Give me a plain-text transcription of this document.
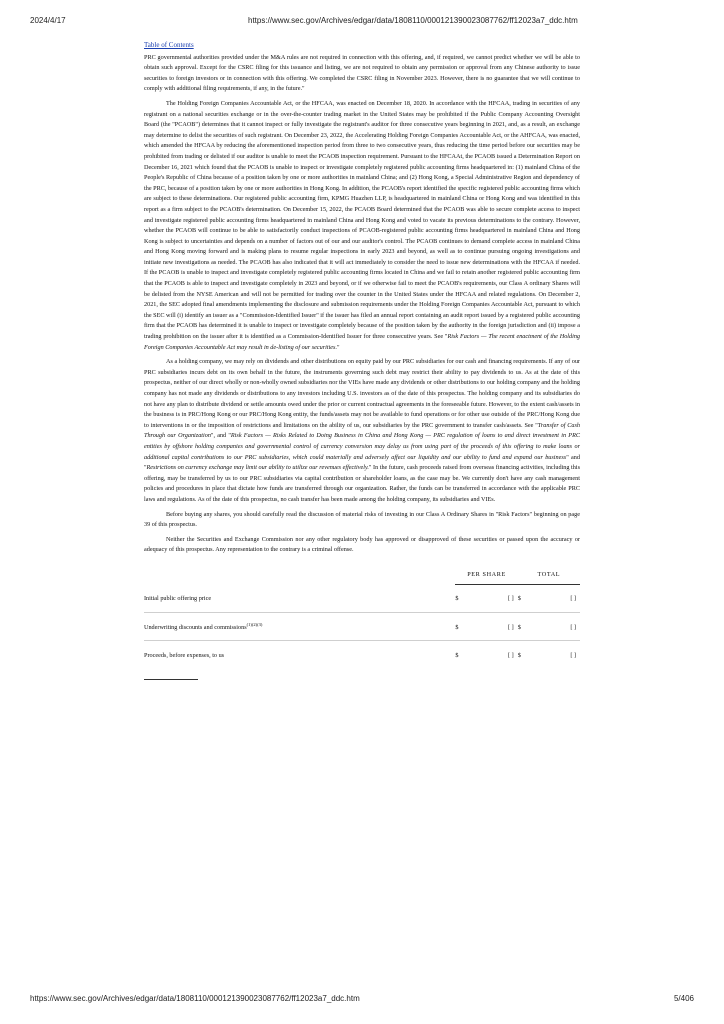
2024/4/17	https://www.sec.gov/Archives/edgar/data/1808110/000121390023087762/ff12023a7_ddc.htm
Table of Contents

PRC governmental authorities provided under the M&A rules are not required in connection with this offering, and, if required, we cannot predict whether we will be able to obtain such approval. Except for the CSRC filing for this issuance and listing, we are not required to obtain any permission or approval from any Chinese authority to issue securities to foreign investors or in connection with this offering. We completed the CSRC filing in November 2023. However, there is no guarantee that we will continue to comply with additional filing requirements, if any, in the future."

The Holding Foreign Companies Accountable Act, or the HFCAA, was enacted on December 18, 2020. In accordance with the HFCAA, trading in securities of any registrant on a national securities exchange or in the over-the-counter trading market in the United States may be prohibited if the Public Company Accounting Oversight Board (the "PCAOB") determines that it cannot inspect or fully investigate the registrant's auditor for three consecutive years beginning in 2021, and, as a result, an exchange may determine to delist the securities of such registrant. On December 23, 2022, the Accelerating Holding Foreign Companies Accountable Act, or the AHFCAA, was enacted, which amended the HFCAA by reducing the aforementioned inspection period from three to two consecutive years, thus reducing the time period before our securities may be prohibited from trading or delisted if our auditor is unable to meet the PCAOB inspection requirement. Pursuant to the HFCAAt, the PCAOB issued a Determination Report on December 16, 2021 which found that the PCAOB is unable to inspect or investigate completely registered public accounting firms headquartered in: (1) mainland China of the People's Republic of China because of a position taken by one or more authorities in mainland China; and (2) Hong Kong, a Special Administrative Region and dependency of the PRC, because of a position taken by one or more authorities in Hong Kong. In addition, the PCAOB's report identified the specific registered public accounting firms which are subject to these determinations. Our registered public accounting firm, KPMG Huazhen LLP, is headquartered in mainland China or Hong Kong and was identified in this report as a firm subject to the PCAOB's determination. On December 15, 2022, the PCAOB Board determined that the PCAOB was able to secure complete access to inspect and investigate registered public accounting firms headquartered in mainland China and Hong Kong and voted to vacate its previous determinations to the contrary. However, whether the PCAOB will continue to be able to satisfactorily conduct inspections of PCAOB-registered public accounting firms headquartered in mainland China and Hong Kong is subject to uncertainties and depends on a number of factors out of our and our auditor's control. The PCAOB continues to demand complete access in mainland China and Hong Kong moving forward and is making plans to resume regular inspections in early 2023 and beyond, as well as to continue pursuing ongoing investigations and initiate new investigations as needed. The PCAOB has also indicated that it will act immediately to consider the need to issue new determinations with the HFCAA if needed. If the PCAOB is unable to inspect and investigate completely registered public accounting firms located in China and we fail to retain another registered public accounting firm that the PCAOB is able to inspect and investigate completely in 2023 and beyond, or if we otherwise fail to meet the PCAOB's requirements, our Class A ordinary Shares will be delisted from the NYSE American and will not be permitted for trading over the counter in the United States under the HFCAA and related regulations. On December 2, 2021, the SEC adopted final amendments implementing the disclosure and submission requirements under the Holding Foreign Companies Accountable Act, pursuant to which the SEC will (i) identify an issuer as a "Commission-Identified Issuer" if the issuer has filed an annual report containing an audit report issued by a registered public accounting firm that the PCAOB has determined it is unable to inspect or investigate completely because of the position taken by the authority in the foreign jurisdiction and (ii) impose a trading prohibition on the issuer after it is identified as a Commission-Identified Issuer for three consecutive years. See "Risk Factors — The recent enactment of the Holding Foreign Companies Accountable Act may result in de-listing of our securities."

As a holding company, we may rely on dividends and other distributions on equity paid by our PRC subsidiaries for our cash and financing requirements. If any of our PRC subsidiaries incurs debt on its own behalf in the future, the instruments governing such debt may restrict their ability to pay dividends to us. As at the date of this prospectus, neither of our direct wholly or non-wholly owned subsidiaries nor the VIEs have made any dividends or other distributions to our holding company and the holding company has not made any dividends or distributions to any investors including U.S. investors as of the date of this prospectus. The holding company and its subsidiaries do not have any plan to distribute dividend or settle amounts owed under the prior or current contractual agreements in the foreseeable future. However, to the extent cash/assets in the business is in PRC/Hong Kong or our PRC/Hong Kong entity, the funds/assets may not be available to fund operations or for other use outside of the PRC/Hong Kong due to interventions in or the imposition of restrictions and limitations on the ability of us, our subsidiaries by the PRC government to transfer cash/assets. See "Transfer of Cash Through our Organization", and "Risk Factors — Risks Related to Doing Business in China and Hong Kong — PRC regulation of loans to and direct investment in PRC entities by offshore holding companies and governmental control of currency conversion may delay us from using part of the proceeds of this offering to make loans or additional capital contributions to our PRC subsidiaries, which could materially and adversely affect our liquidity and our ability to fund and expand our business" and "Restrictions on currency exchange may limit our ability to utilize our revenues effectively." In the future, cash proceeds raised from overseas financing activities, including this offering, may be transferred by us to our PRC subsidiaries via capital contribution or shareholder loans, as the case may be. We currently don't have any cash management policies and procedures in place that dictate how funds are transferred through our organization. Rather, the funds can be transferred in accordance with the applicable PRC laws and regulations. As of the date of this prospectus, no cash transfer has been made among the holding company, its subsidiaries and VIEs.

Before buying any shares, you should carefully read the discussion of material risks of investing in our Class A Ordinary Shares in "Risk Factors" beginning on page 39 of this prospectus.

Neither the Securities and Exchange Commission nor any other regulatory body has approved or disapproved of these securities or passed upon the accuracy or adequacy of this prospectus. Any representation to the contrary is a criminal offense.

	PER SHARE		TOTAL	
Initial public offering price	$	[ ]	$	[ ]
Underwriting discounts and commissions$^{(1)(2)(3)}$	$	[ ]	$	[ ]
Proceeds, before expenses, to us	$	[ ]	$	[ ]
https://www.sec.gov/Archives/edgar/data/1808110/000121390023087762/ff12023a7_ddc.htm	5/406
